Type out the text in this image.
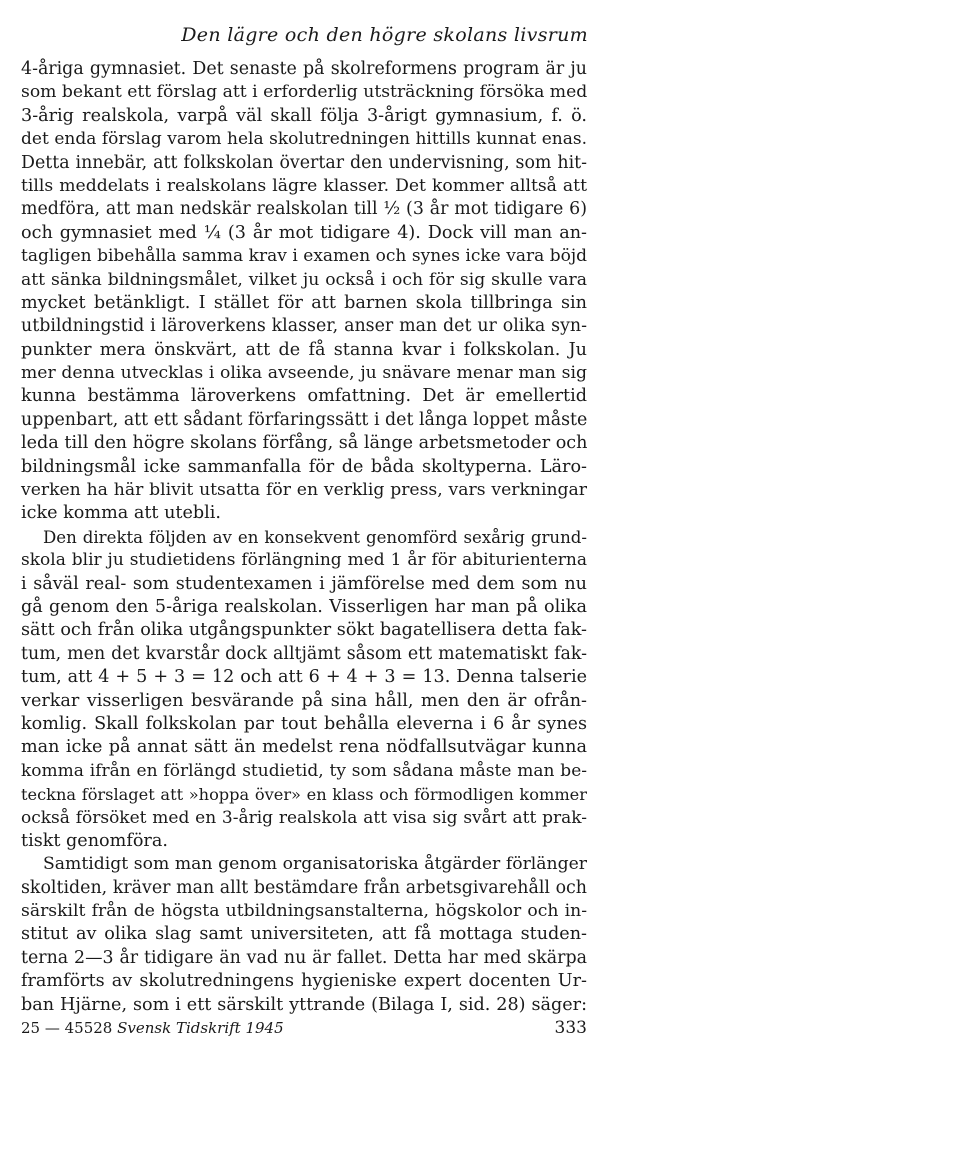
Den lägre och den högre skolans livsrum
4-åriga gymnasiet. Det senaste på skolreformens program är ju
som bekant ett förslag att i erforderlig utsträckning försöka med
3-årig realskola, varpå väl skall följa 3-årigt gymnasium, f. ö.
det enda förslag varom hela skolutredningen hittills kunnat enas.
Detta innebär, att folkskolan övertar den undervisning, som hit-
tills meddelats i realskolans lägre klasser. Det kommer alltså att
medföra, att man nedskär realskolan till ½ (3 år mot tidigare 6)
och gymnasiet med ¼ (3 år mot tidigare 4). Dock vill man an-
tagligen bibehålla samma krav i examen och synes icke vara böjd
att sänka bildningsmålet, vilket ju också i och för sig skulle vara
mycket betänkligt. I stället för att barnen skola tillbringa sin
utbildningstid i läroverkens klasser, anser man det ur olika syn-
punkter mera önskvärt, att de få stanna kvar i folkskolan. Ju
mer denna utvecklas i olika avseende, ju snävare menar man sig
kunna bestämma läroverkens omfattning. Det är emellertid
uppenbart, att ett sådant förfaringssätt i det långa loppet måste
leda till den högre skolans förfång, så länge arbetsmetoder och
bildningsmål icke sammanfalla för de båda skoltyperna. Läro-
verken ha här blivit utsatta för en verklig press, vars verkningar
icke komma att utebli.
Den direkta följden av en konsekvent genomförd sexårig grund-
skola blir ju studietidens förlängning med 1 år för abiturienterna
i såväl real- som studentexamen i jämförelse med dem som nu
gå genom den 5-åriga realskolan. Visserligen har man på olika
sätt och från olika utgångspunkter sökt bagatellisera detta fak-
tum, men det kvarstår dock alltjämt såsom ett matematiskt fak-
tum, att 4 + 5 + 3 = 12 och att 6 + 4 + 3 = 13. Denna talserie
verkar visserligen besvärande på sina håll, men den är ofrån-
komlig. Skall folkskolan par tout behålla eleverna i 6 år synes
man icke på annat sätt än medelst rena nödfallsutvägar kunna
komma ifrån en förlängd studietid, ty som sådana måste man be-
teckna förslaget att »hoppa över» en klass och förmodligen kommer
också försöket med en 3-årig realskola att visa sig svårt att prak-
tiskt genomföra.
Samtidigt som man genom organisatoriska åtgärder förlänger
skoltiden, kräver man allt bestämdare från arbetsgivarehåll och
särskilt från de högsta utbildningsanstalterna, högskolor och in-
stitut av olika slag samt universiteten, att få mottaga studen-
terna 2—3 år tidigare än vad nu är fallet. Detta har med skärpa
framförts av skolutredningens hygieniske expert docenten Ur-
ban Hjärne, som i ett särskilt yttrande (Bilaga I, sid. 28) säger:
25 — 45528 Svensk Tidskrift 1945	333
